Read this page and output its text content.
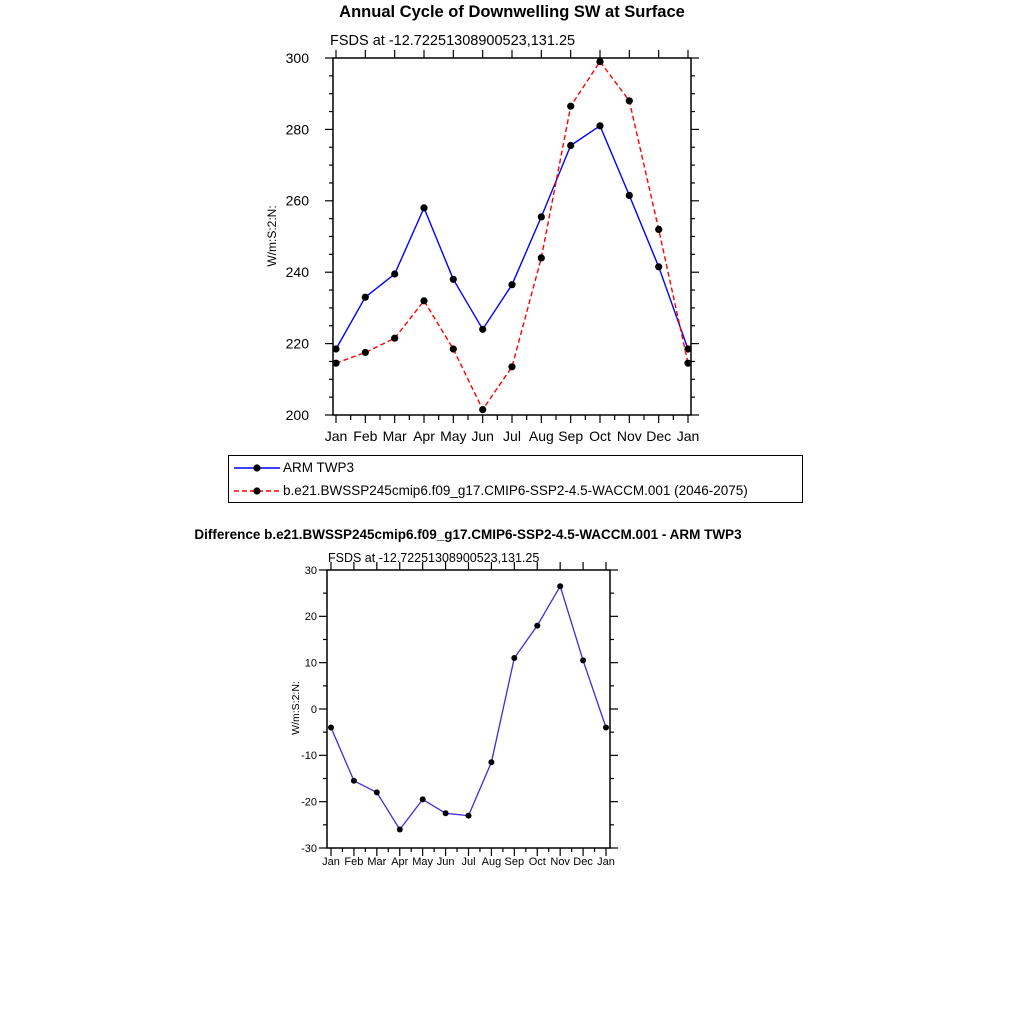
200
220
240
260
280
300
Jan Feb Mar Apr May Jun Jul Aug Sep Oct Nov Dec Jan
-30
-20
-10
0
10
20
30
Jan Feb Mar Apr May Jun Jul Aug Sep Oct Nov Dec Jan
Annual Cycle of Downwelling SW at Surface
FSDS at -12.72251308900523,131.25
W/m:S:2:N:
Difference b.e21.BWSSP245cmip6.f09_g17.CMIP6-SSP2-4.5-WACCM.001 - ARM TWP3
FSDS at -12.72251308900523,131.25
W/m:S:2:N:
ARM TWP3
b.e21.BWSSP245cmip6.f09_g17.CMIP6-SSP2-4.5-WACCM.001 (2046-2075)
